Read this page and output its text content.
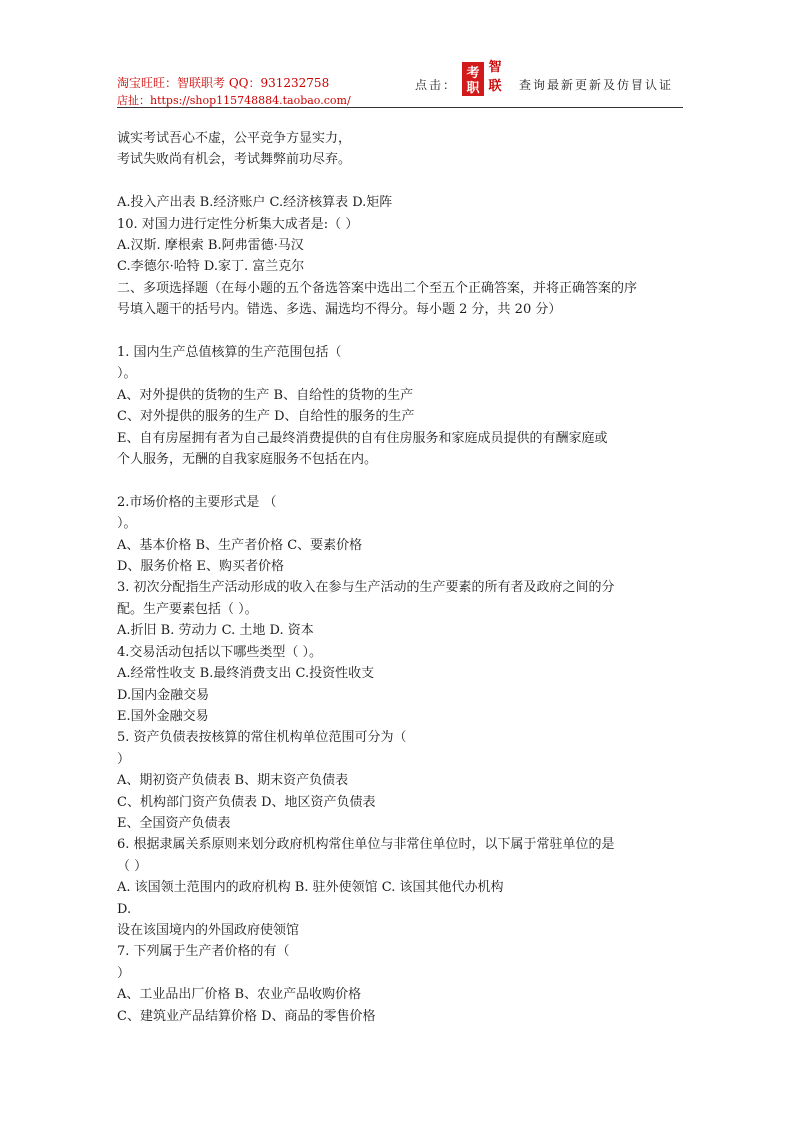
淘宝旺旺：智联职考 QQ：931232758
店扯：https://shop115748884.taobao.com/
点击：
考 智
职 联 查询最新更新及仿冒认证
诚实考试吾心不虚，公平竞争方显实力，
考试失败尚有机会，考试舞弊前功尽弃。
A.投入产出表 B.经济账户 C.经济核算表 D.矩阵
10. 对国力进行定性分析集大成者是:（ ）
A.汉斯. 摩根索 B.阿弗雷德·马汉
C.李德尔·哈特 D.家丁. 富兰克尔
二、多项选择题（在每小题的五个备选答案中选出二个至五个正确答案，并将正确答案的序
号填入题干的括号内。错选、多选、漏选均不得分。每小题 2 分，共 20 分）
1. 国内生产总值核算的生产范围包括（
）。
A、对外提供的货物的生产 B、自给性的货物的生产
C、对外提供的服务的生产 D、自给性的服务的生产
E、自有房屋拥有者为自己最终消费提供的自有住房服务和家庭成员提供的有酬家庭或
个人服务，无酬的自我家庭服务不包括在内。
2.市场价格的主要形式是 （
）。
A、基本价格 B、生产者价格 C、要素价格
D、服务价格 E、购买者价格
3. 初次分配指生产活动形成的收入在参与生产活动的生产要素的所有者及政府之间的分
配。生产要素包括（ ）。
A.折旧 B. 劳动力 C. 土地 D. 资本
4.交易活动包括以下哪些类型（ ）。
A.经常性收支 B.最终消费支出 C.投资性收支
D.国内金融交易
E.国外金融交易
5. 资产负债表按核算的常住机构单位范围可分为（
）
A、期初资产负债表 B、期末资产负债表
C、机构部门资产负债表 D、地区资产负债表
E、全国资产负债表
6. 根据隶属关系原则来划分政府机构常住单位与非常住单位时，以下属于常驻单位的是
（ ）
A. 该国领土范围内的政府机构 B. 驻外使领馆 C. 该国其他代办机构
D.
设在该国境内的外国政府使领馆
7. 下列属于生产者价格的有（
）
A、工业品出厂价格 B、农业产品收购价格
C、建筑业产品结算价格 D、商品的零售价格
